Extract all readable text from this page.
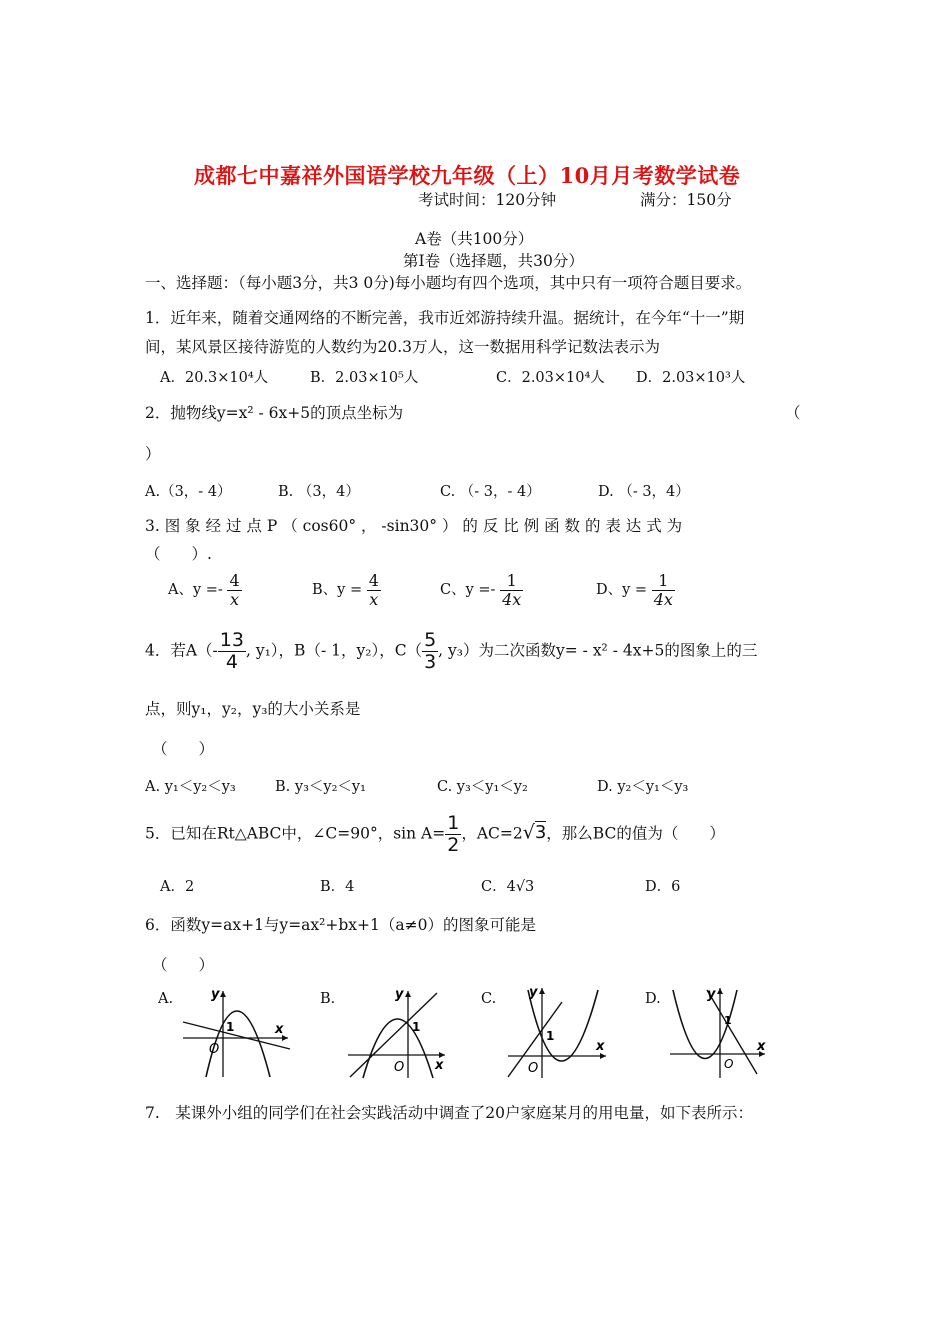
成都七中嘉祥外国语学校九年级（上）10月月考数学试卷
考试时间：120分钟	满分：150分
A卷（共100分）
第Ⅰ卷（选择题，共30分）
一、选择题：（每小题3分，共3 0分)每小题均有四个选项，其中只有一项符合题目要求。
1．近年来，随着交通网络的不断完善，我市近郊游持续升温。据统计，在今年“十一”期
间，某风景区接待游览的人数约为20.3万人，这一数据用科学记数法表示为
A．20.3×10⁴人	B．2.03×10⁵人	C．2.03×10⁴人 D．2.03×10³人
2．抛物线y=x² - 6x+5的顶点坐标为	（
）
A.（3，- 4）	B. （3，4）	C. （- 3，- 4）	D. （- 3，4）
3. 图 象 经 过 点 P （ cos60° ， -sin30° ） 的 反 比 例 函 数 的 表 达 式 为
（　　）.
A、$y =- \frac{4}{x}$	B、$y = \frac{4}{x}$	C、$y =- \frac{1}{4x}$	D、$y = \frac{1}{4x}$
4．若$A(- \frac{13}{4}$ , y₁），B（- 1，y₂），$C( \frac{5}{3}$ , y₃）为二次函数y= - x² - 4x+5的图象上的三
点，则y₁，y₂，y₃的大小关系是
（　　）
A. y₁＜y₂＜y₃	B. y₃＜y₂＜y₁	C. y₃＜y₁＜y₂	D. y₂＜y₁＜y₃
5．已知在Rt△ABC中，∠C=90°，$\sin A= \frac{1}{2}$ ，AC=2√3，那么BC的值为（　　）
A．2	B．4	C．4√3	D．6
6．函数y=ax+1与y=ax²+bx+1（a≠0）的图象可能是
（　　）
A.	B.	C.	D.
y
x
1
O
y
x
1
O
y
x
1
O
y
x
1
O
7.　某课外小组的同学们在社会实践活动中调查了20户家庭某月的用电量，如下表所示：
